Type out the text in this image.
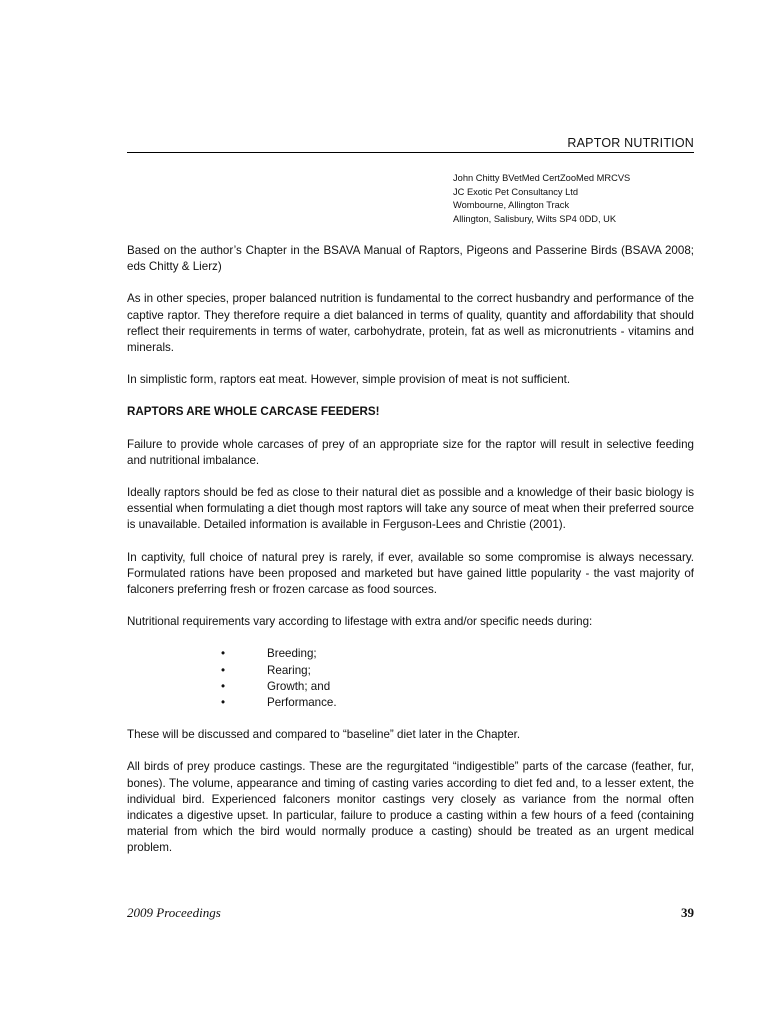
RAPTOR NUTRITION
John Chitty BVetMed CertZooMed MRCVS
JC Exotic Pet Consultancy Ltd
Wombourne, Allington Track
Allington, Salisbury, Wilts SP4 0DD, UK

Based on the author’s Chapter in the BSAVA Manual of Raptors, Pigeons and Passerine Birds (BSAVA 2008; eds Chitty & Lierz)

As in other species, proper balanced nutrition is fundamental to the correct husbandry and performance of the captive raptor. They therefore require a diet balanced in terms of quality, quantity and affordability that should reflect their requirements in terms of water, carbohydrate, protein, fat as well as micronutrients - vitamins and minerals.

In simplistic form, raptors eat meat. However, simple provision of meat is not sufficient.

RAPTORS ARE WHOLE CARCASE FEEDERS!

Failure to provide whole carcases of prey of an appropriate size for the raptor will result in selective feeding and nutritional imbalance.

Ideally raptors should be fed as close to their natural diet as possible and a knowledge of their basic biology is essential when formulating a diet though most raptors will take any source of meat when their preferred source is unavailable. Detailed information is available in Ferguson-Lees and Christie (2001).

In captivity, full choice of natural prey is rarely, if ever, available so some compromise is always necessary. Formulated rations have been proposed and marketed but have gained little popularity - the vast majority of falconers preferring fresh or frozen carcase as food sources.

Nutritional requirements vary according to lifestage with extra and/or specific needs during:

•	Breeding;
•	Rearing;
•	Growth; and
•	Performance.

These will be discussed and compared to “baseline” diet later in the Chapter.

All birds of prey produce castings. These are the regurgitated “indigestible” parts of the carcase (feather, fur, bones). The volume, appearance and timing of casting varies according to diet fed and, to a lesser extent, the individual bird. Experienced falconers monitor castings very closely as variance from the normal often indicates a digestive upset. In particular, failure to produce a casting within a few hours of a feed (containing material from which the bird would normally produce a casting) should be treated as an urgent medical problem.

2009 Proceedings	39
